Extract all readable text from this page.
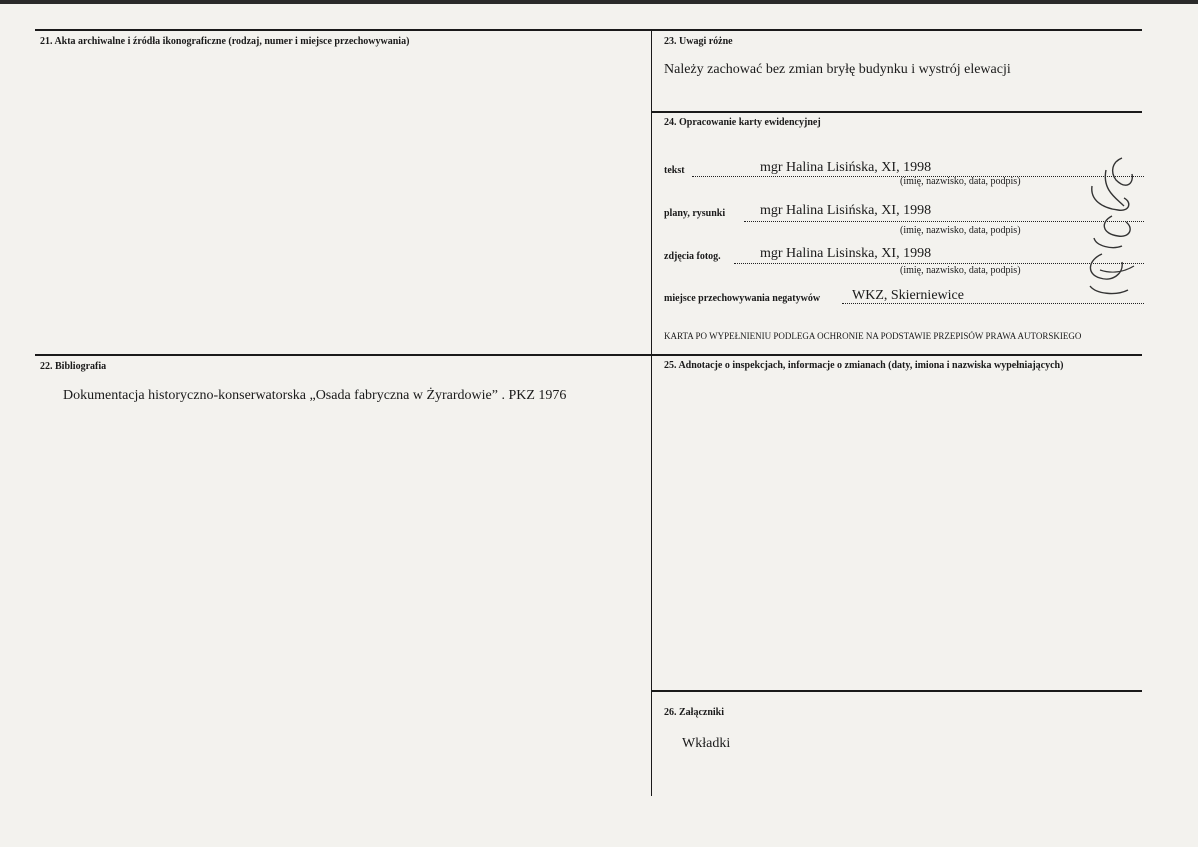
21. Akta archiwalne i źródła ikonograficzne (rodzaj, numer i miejsce przechowywania)
22. Bibliografia
Dokumentacja historyczno-konserwatorska „Osada fabryczna w Żyrardowie” . PKZ 1976
23. Uwagi różne
Należy zachować bez zmian bryłę budynku i wystrój elewacji
24. Opracowanie karty ewidencyjnej
tekst	mgr Halina Lisińska, XI, 1998
(imię, nazwisko, data, podpis)
plany, rysunki mgr Halina Lisińska, XI, 1998
(imię, nazwisko, data, podpis)
zdjęcia fotog.	mgr Halina Lisinska, XI, 1998
(imię, nazwisko, data, podpis)
miejsce przechowywania negatywów WKZ, Skierniewice
KARTA PO WYPEŁNIENIU PODLEGA OCHRONIE NA PODSTAWIE PRZEPISÓW PRAWA AUTORSKIEGO
25. Adnotacje o inspekcjach, informacje o zmianach (daty, imiona i nazwiska wypełniających)
26. Załączniki
Wkładki
